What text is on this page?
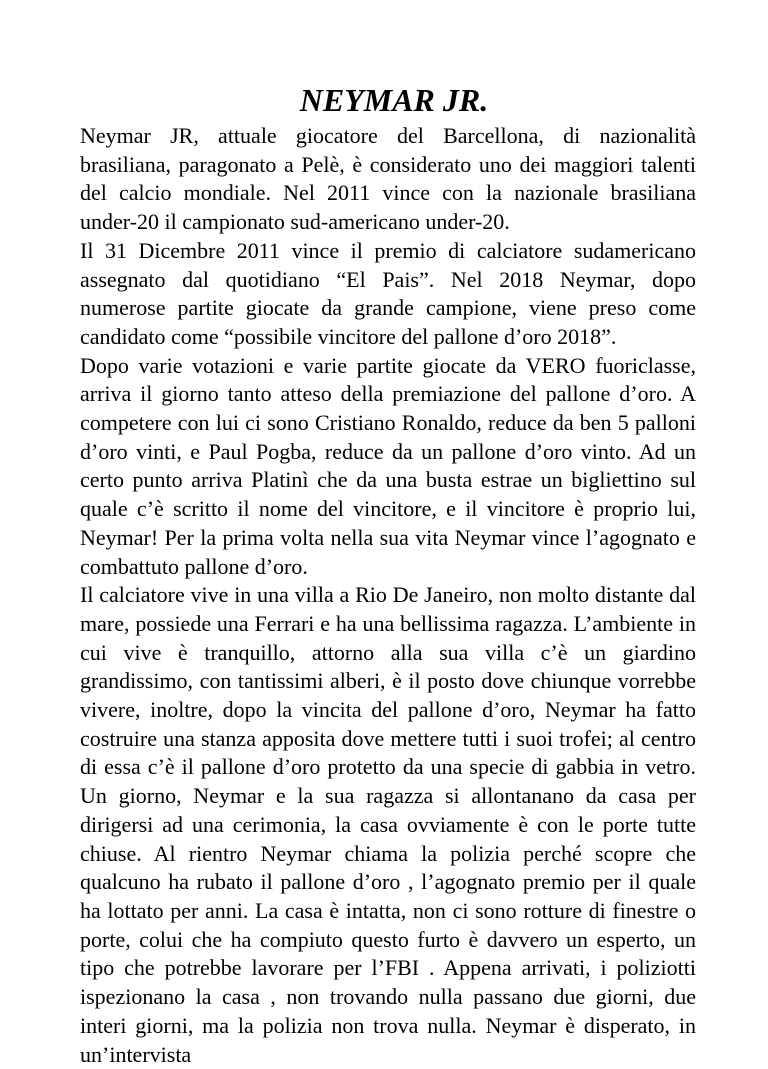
NEYMAR JR.

Neymar JR, attuale giocatore del Barcellona, di nazionalità brasiliana, paragonato a Pelè, è considerato uno dei maggiori talenti del calcio mondiale. Nel 2011 vince con la nazionale brasiliana under-20 il campionato sud-americano under-20.

Il 31 Dicembre 2011 vince il premio di calciatore sudamericano assegnato dal quotidiano “El Pais”. Nel 2018 Neymar, dopo numerose partite giocate da grande campione, viene preso come candidato come “possibile vincitore del pallone d’oro 2018”.

Dopo varie votazioni e varie partite giocate da VERO fuoriclasse, arriva il giorno tanto atteso della premiazione del pallone d’oro. A competere con lui ci sono Cristiano Ronaldo, reduce da ben 5 palloni d’oro vinti, e Paul Pogba, reduce da un pallone d’oro vinto. Ad un certo punto arriva Platinì che da una busta estrae un bigliettino sul quale c’è scritto il nome del vincitore, e il vincitore è proprio lui, Neymar! Per la prima volta nella sua vita Neymar vince l’agognato e combattuto pallone d’oro.

Il calciatore vive in una villa a Rio De Janeiro, non molto distante dal mare, possiede una Ferrari e ha una bellissima ragazza. L’ambiente in cui vive è tranquillo, attorno alla sua villa c’è un giardino grandissimo, con tantissimi alberi, è il posto dove chiunque vorrebbe vivere, inoltre, dopo la vincita del pallone d’oro, Neymar ha fatto costruire una stanza apposita dove mettere tutti i suoi trofei; al centro di essa c’è il pallone d’oro protetto da una specie di gabbia in vetro. Un giorno, Neymar e la sua ragazza si allontanano da casa per dirigersi ad una cerimonia, la casa ovviamente è con le porte tutte chiuse. Al rientro Neymar chiama la polizia perché scopre che qualcuno ha rubato il pallone d’oro , l’agognato premio per il quale ha lottato per anni. La casa è intatta, non ci sono rotture di finestre o porte, colui che ha compiuto questo furto è davvero un esperto, un tipo che potrebbe lavorare per l’FBI . Appena arrivati, i poliziotti ispezionano la casa , non trovando nulla passano due giorni, due interi giorni, ma la polizia non trova nulla. Neymar è disperato, in un’intervista
